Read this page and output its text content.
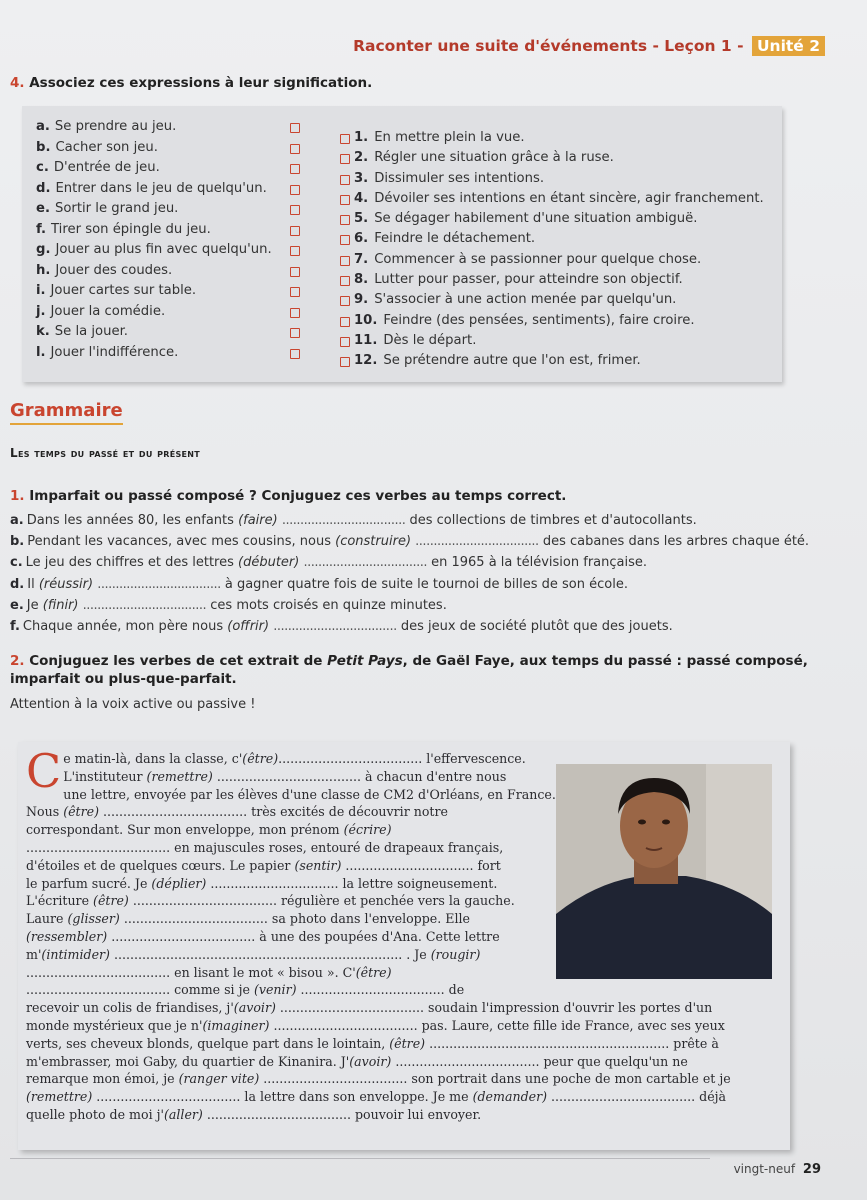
Raconter une suite d'événements - Leçon 1 - Unité 2
4. Associez ces expressions à leur signification.
a. Se prendre au jeu.
b. Cacher son jeu.
c. D'entrée de jeu.
d. Entrer dans le jeu de quelqu'un.
e. Sortir le grand jeu.
f. Tirer son épingle du jeu.
g. Jouer au plus fin avec quelqu'un.
h. Jouer des coudes.
i. Jouer cartes sur table.
j. Jouer la comédie.
k. Se la jouer.
l. Jouer l'indifférence.
1. En mettre plein la vue.
2. Régler une situation grâce à la ruse.
3. Dissimuler ses intentions.
4. Dévoiler ses intentions en étant sincère, agir franchement.
5. Se dégager habilement d'une situation ambiguë.
6. Feindre le détachement.
7. Commencer à se passionner pour quelque chose.
8. Lutter pour passer, pour atteindre son objectif.
9. S'associer à une action menée par quelqu'un.
10. Feindre (des pensées, sentiments), faire croire.
11. Dès le départ.
12. Se prétendre autre que l'on est, frimer.
Grammaire
Les temps du passé et du présent
1. Imparfait ou passé composé ? Conjuguez ces verbes au temps correct.
a. Dans les années 80, les enfants (faire) .................................. des collections de timbres et d'autocollants.
b. Pendant les vacances, avec mes cousins, nous (construire) .................................. des cabanes dans les arbres chaque été.
c. Le jeu des chiffres et des lettres (débuter) .................................. en 1965 à la télévision française.
d. Il (réussir) .................................. à gagner quatre fois de suite le tournoi de billes de son école.
e. Je (finir) .................................. ces mots croisés en quinze minutes.
f. Chaque année, mon père nous (offrir) .................................. des jeux de société plutôt que des jouets.
2. Conjuguez les verbes de cet extrait de Petit Pays, de Gaël Faye, aux temps du passé : passé composé, imparfait ou plus-que-parfait.
Attention à la voix active ou passive !
C e matin-là, dans la classe, c'(être).................................... l'effervescence.
L'instituteur (remettre) .................................... à chacun d'entre nous
une lettre, envoyée par les élèves d'une classe de CM2 d'Orléans, en France.
Nous (être) .................................... très excités de découvrir notre
correspondant. Sur mon enveloppe, mon prénom (écrire)
.................................... en majuscules roses, entouré de drapeaux français,
d'étoiles et de quelques cœurs. Le papier (sentir) ................................ fort
le parfum sucré. Je (déplier) ................................ la lettre soigneusement.
L'écriture (être) .................................... régulière et penchée vers la gauche.
Laure (glisser) .................................... sa photo dans l'enveloppe. Elle
(ressembler) .................................... à une des poupées d'Ana. Cette lettre
m'(intimider) ........................................................................ . Je (rougir)
.................................... en lisant le mot « bisou ». C'(être)
.................................... comme si je (venir) .................................... de
recevoir un colis de friandises, j'(avoir) .................................... soudain l'impression d'ouvrir les portes d'un
monde mystérieux que je n'(imaginer) .................................... pas. Laure, cette fille ide France, avec ses yeux
verts, ses cheveux blonds, quelque part dans le lointain, (être) ............................................................ prête à
m'embrasser, moi Gaby, du quartier de Kinanira. J'(avoir) .................................... peur que quelqu'un ne
remarque mon émoi, je (ranger vite) .................................... son portrait dans une poche de mon cartable et je
(remettre) .................................... la lettre dans son enveloppe. Je me (demander) .................................... déjà
quelle photo de moi j'(aller) .................................... pouvoir lui envoyer.
vingt-neuf 29
